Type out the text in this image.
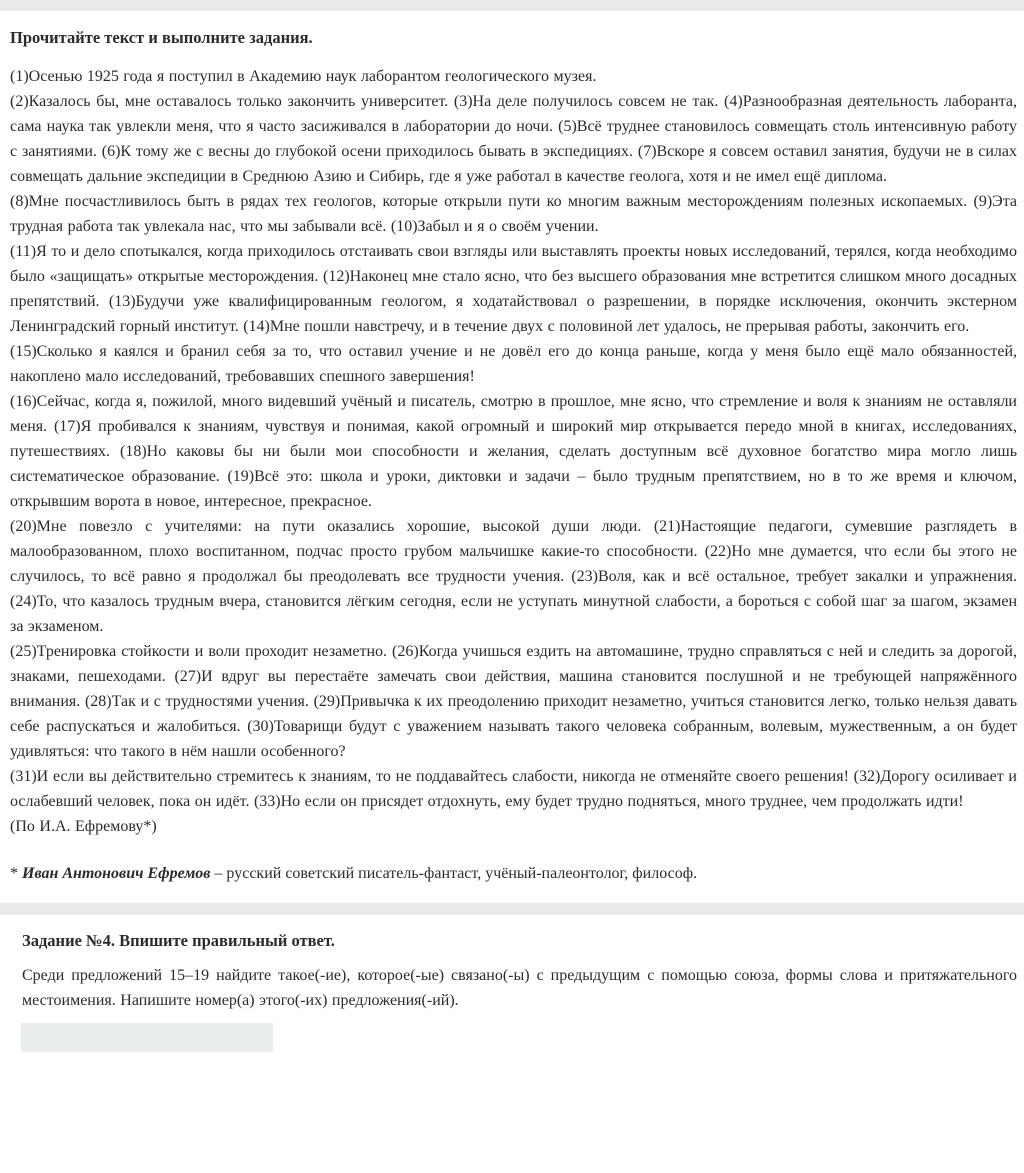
Прочитайте текст и выполните задания.

(1)Осенью 1925 года я поступил в Академию наук лаборантом геологического музея.

(2)Казалось бы, мне оставалось только закончить университет. (3)На деле получилось совсем не так. (4)Разнообразная деятельность лаборанта, сама наука так увлекли меня, что я часто засиживался в лаборатории до ночи. (5)Всё труднее становилось совмещать столь интенсивную работу с занятиями. (6)К тому же с весны до глубокой осени приходилось бывать в экспедициях. (7)Вскоре я совсем оставил занятия, будучи не в силах совмещать дальние экспедиции в Среднюю Азию и Сибирь, где я уже работал в качестве геолога, хотя и не имел ещё диплома.

(8)Мне посчастливилось быть в рядах тех геологов, которые открыли пути ко многим важным месторождениям полезных ископаемых. (9)Эта трудная работа так увлекала нас, что мы забывали всё. (10)Забыл и я о своём учении.

(11)Я то и дело спотыкался, когда приходилось отстаивать свои взгляды или выставлять проекты новых исследований, терялся, когда необходимо было «защищать» открытые месторождения. (12)Наконец мне стало ясно, что без высшего образования мне встретится слишком много досадных препятствий. (13)Будучи уже квалифицированным геологом, я ходатайствовал о разрешении, в порядке исключения, окончить экстерном Ленинградский горный институт. (14)Мне пошли навстречу, и в течение двух с половиной лет удалось, не прерывая работы, закончить его.

(15)Сколько я каялся и бранил себя за то, что оставил учение и не довёл его до конца раньше, когда у меня было ещё мало обязанностей, накоплено мало исследований, требовавших спешного завершения!

(16)Сейчас, когда я, пожилой, много видевший учёный и писатель, смотрю в прошлое, мне ясно, что стремление и воля к знаниям не оставляли меня. (17)Я пробивался к знаниям, чувствуя и понимая, какой огромный и широкий мир открывается передо мной в книгах, исследованиях, путешествиях. (18)Но каковы бы ни были мои способности и желания, сделать доступным всё духовное богатство мира могло лишь систематическое образование. (19)Всё это: школа и уроки, диктовки и задачи – было трудным препятствием, но в то же время и ключом, открывшим ворота в новое, интересное, прекрасное.

(20)Мне повезло с учителями: на пути оказались хорошие, высокой души люди. (21)Настоящие педагоги, сумевшие разглядеть в малообразованном, плохо воспитанном, подчас просто грубом мальчишке какие-то способности. (22)Но мне думается, что если бы этого не случилось, то всё равно я продолжал бы преодолевать все трудности учения. (23)Воля, как и всё остальное, требует закалки и упражнения. (24)То, что казалось трудным вчера, становится лёгким сегодня, если не уступать минутной слабости, а бороться с собой шаг за шагом, экзамен за экзаменом.

(25)Тренировка стойкости и воли проходит незаметно. (26)Когда учишься ездить на автомашине, трудно справляться с ней и следить за дорогой, знаками, пешеходами. (27)И вдруг вы перестаёте замечать свои действия, машина становится послушной и не требующей напряжённого внимания. (28)Так и с трудностями учения. (29)Привычка к их преодолению приходит незаметно, учиться становится легко, только нельзя давать себе распускаться и жалобиться. (30)Товарищи будут с уважением называть такого человека собранным, волевым, мужественным, а он будет удивляться: что такого в нём нашли особенного?

(31)И если вы действительно стремитесь к знаниям, то не поддавайтесь слабости, никогда не отменяйте своего решения! (32)Дорогу осиливает и ослабевший человек, пока он идёт. (33)Но если он присядет отдохнуть, ему будет трудно подняться, много труднее, чем продолжать идти!

(По И.А. Ефремову*)

* Иван Антонович Ефремов – русский советский писатель-фантаст, учёный-палеонтолог, философ.

Задание №4. Впишите правильный ответ.

Среди предложений 15–19 найдите такое(-ие), которое(-ые) связано(-ы) с предыдущим с помощью союза, формы слова и притяжательного местоимения. Напишите номер(а) этого(-их) предложения(-ий).
